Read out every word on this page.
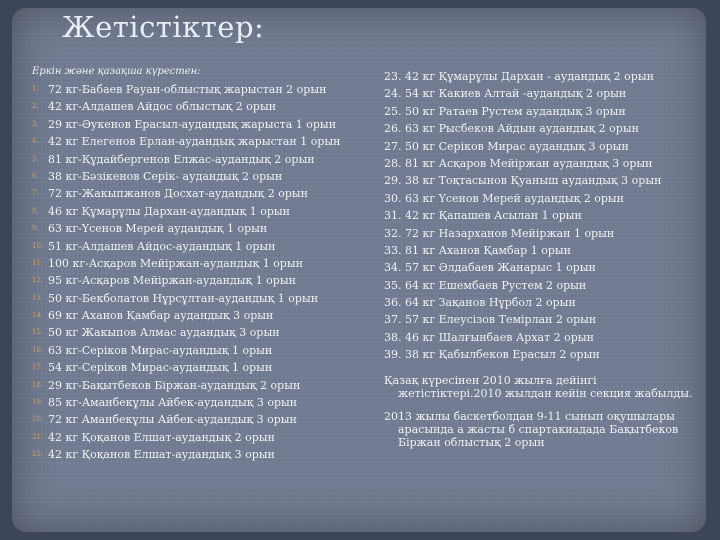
Жетістіктер:
Еркін және қазақша күрестен:
1. 72 кг-Бабаев Рауан-облыстық жарыстан 2 орын
2. 42 кг-Алдашев Айдос облыстық 2 орын
3. 29 кг-Әукенов Ерасыл-аудандық жарыста 1 орын
4. 42 кг Елегенов Ерлан-аудандық жарыстан 1 орын
5. 81 кг-Құдайбергенов Елжас-аудандық 2 орын
6. 38 кг-Бәзікенов Серік- аудандық 2 орын
7. 72 кг-Жакыпжанов Досхат-аудандық 2 орын
8. 46 кг Құмарұлы Дархан-аудандық 1 орын
9. 63 кг-Үсенов Мерей аудандық 1 орын
10. 51 кг-Алдашев Айдос-аудандық 1 орын
11. 100 кг-Асқаров Мейіржан-аудандық 1 орын
12. 95 кг-Асқаров Мейіржан-аудандық 1 орын
13. 50 кг-Бекболатов Нұрсұлтан-аудандық 1 орын
14. 69 кг Аханов Қамбар аудандық 3 орын
15. 50 кг Жакыпов Алмас аудандық 3 орын
16. 63 кг-Серіков Мирас-аудандық 1 орын
17. 54 кг-Серіков Мирас-аудандық 1 орын
18. 29 кг-Бақытбеков Біржан-аудандық 2 орын
19. 85 кг-Аманбекұлы Айбек-аудандық 3 орын
20. 72 кг Аманбекұлы Айбек-аудандық 3 орын
21. 42 кг Қоқанов Елшат-аудандық 2 орын
22. 42 кг Қоқанов Елшат-аудандық 3 орын
23. 42 кг Құмарұлы Дархан - аудандық 2 орын
24. 54 кг Какиев Алтай -аудандық 2 орын
25. 50 кг Ратаев Рустем аудандық 3 орын
26. 63 кг Рысбеков Айдын аудандық 2 орын
27. 50 кг Серіков Мирас аудандық 3 орын
28. 81 кг Асқаров Мейіржан аудандық 3 орын
29. 38 кг Тоқтасынов Қуаныш аудандық 3 орын
30. 63 кг Үсенов Мерей аудандық 2 орын
31. 42 кг Қапашев Асылан 1 орын
32. 72 кг Назарханов Мейіржан 1 орын
33. 81 кг Аханов Қамбар 1 орын
34. 57 кг Әлдабаев Жанарыс 1 орын
35. 64 кг Ешембаев Рустем 2 орын
36. 64 кг Зақанов Нұрбол 2 орын
37. 57 кг Елеусізов Темірлан 2 орын
38. 46 кг Шалғынбаев Архат 2 орын
39. 38 кг Қабылбеков Ерасыл 2 орын
Қазақ күресінен 2010 жылға дейінгі
жетістіктері.2010 жылдан кейін секция жабылды.
2013 жылы баскетболдан 9-11 сынып оқушылары
арасында а жасты б спартакиадада Бақытбеков
Біржан облыстық 2 орын
